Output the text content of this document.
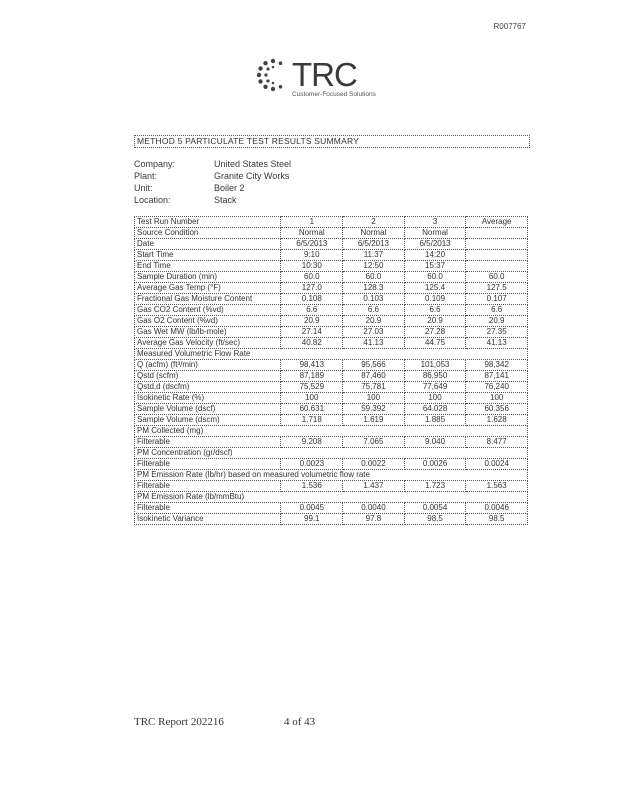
R007767
TRC
Customer-Focused Solutions
METHOD 5 PARTICULATE TEST RESULTS SUMMARY
Company:	United States Steel
Plant:	Granite City Works
Unit:	Boiler 2
Location:	Stack
Test Run Number	1	2	3	Average
Source Condition	Normal	Normal	Normal	
Date	6/5/2013	6/5/2013	6/5/2013	
Start Time	9:10	11:37	14:20	
End Time	10:30	12:50	15:37	
Sample Duration (min)	60.0	60.0	60.0	60.0
Average Gas Temp (°F)	127.0	128.3	125.4	127.5
Fractional Gas Moisture Content	0.108	0.103	0.109	0.107
Gas CO2 Content (%vd)	6.6	6.6	6.6	6.6
Gas O2 Content (%vd)	20.9	20.9	20.9	20.9
Gas Wet MW (lb/lb-mole)	27.14	27.03	27.28	27.35
Average Gas Velocity (ft/sec)	40.82	41.13	44.75	41.13
Measured Volumetric Flow Rate				
Q (acfm) (ft³/min)	98,413	95,566	101,053	98,342
Qstd (scfm)	87,189	87,460	86,950	87,141
Qstd,d (dscfm)	75,529	75,781	77,649	76,240
Isokinetic Rate (%)	100	100	100	100
Sample Volume (dscf)	60.631	59.392	64.028	60.356
Sample Volume (dscm)	1.718	1.619	1.885	1.628
PM Collected (mg)				
Filterable	9.208	7.065	9.040	8.477
PM Concentration (gr/dscf)				
Filterable	0.0023	0.0022	0.0026	0.0024
PM Emission Rate (lb/hr) based on measured volumetric flow rate				
Filterable	1.536	1.437	1.723	1.563
PM Emission Rate (lb/mmBtu)				
Filterable	0.0045	0.0040	0.0054	0.0046
Isokinetic Variance	99.1	97.8	98.5	98.5
TRC Report 202216	4 of 43
